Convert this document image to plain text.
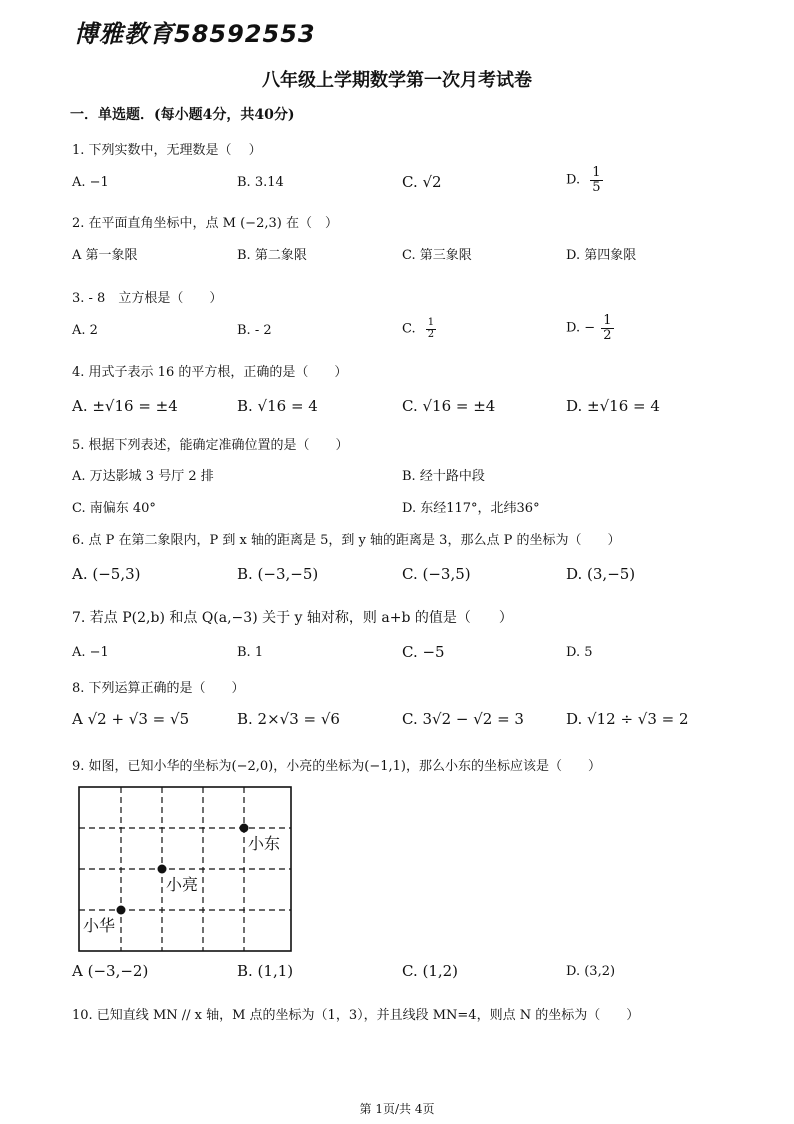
博雅教育58592553
八年级上学期数学第一次月考试卷
一．单选题．(每小题4分，共40分)
1. 下列实数中，无理数是（　 ）
A. −1	B. 3.14	C. √2	D. $\frac{1}{5}$
2. 在平面直角坐标中，点 M (−2,3) 在（　）
A 第一象限	B. 第二象限	C. 第三象限	D. 第四象限
3. - 8　立方根是（　　）
A. 2	B. - 2	C. $\frac{1}{2}$	D. − $\frac{1}{2}$
4. 用式子表示 16 的平方根，正确的是（　　）
A. ±√16 = ±4	B. √16 = 4	C. √16 = ±4	D. ±√16 = 4
5. 根据下列表述，能确定准确位置的是（　　）
A. 万达影城 3 号厅 2 排	B. 经十路中段
C. 南偏东 40°	D. 东经117°，北纬36°
6. 点 P 在第二象限内，P 到 x 轴的距离是 5，到 y 轴的距离是 3，那么点 P 的坐标为（　　）
A. (−5,3)	B. (−3,−5)	C. (−3,5)	D. (3,−5)
7. 若点 P(2,b) 和点 Q(a,−3) 关于 y 轴对称，则 a+b 的值是（　　）
A. −1	B. 1	C. −5	D. 5
8. 下列运算正确的是（　　）
A √2 + √3 = √5	B. 2×√3 = √6	C. 3√2 − √2 = 3	D. √12 ÷ √3 = 2
9. 如图，已知小华的坐标为(−2,0)，小亮的坐标为(−1,1)，那么小东的坐标应该是（　　）
小东
小亮
小华
A (−3,−2)	B. (1,1)	C. (1,2)	D. (3,2)
10. 已知直线 MN // x 轴，M 点的坐标为（1，3），并且线段 MN=4，则点 N 的坐标为（　　）
第 1页/共 4页
